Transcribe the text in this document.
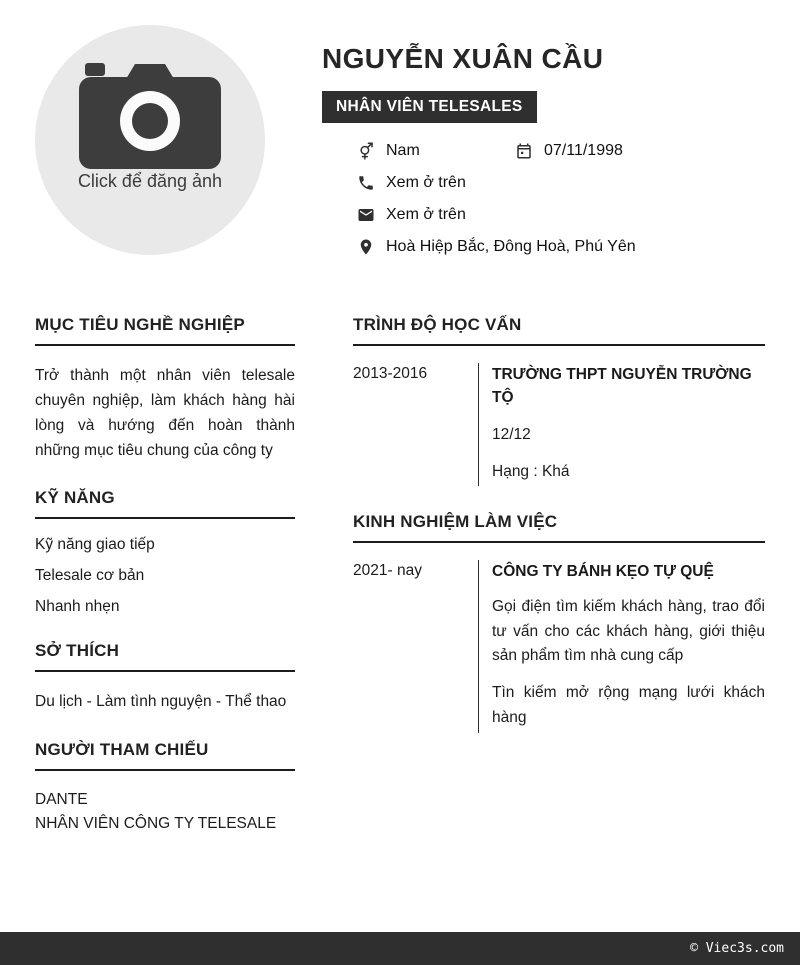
Click để đăng ảnh
NGUYỄN XUÂN CẦU
NHÂN VIÊN TELESALES
Nam	07/11/1998
Xem ở trên
Xem ở trên
Hoà Hiệp Bắc, Đông Hoà, Phú Yên
MỤC TIÊU NGHỀ NGHIỆP

Trở thành một nhân viên telesale chuyên nghiệp, làm khách hàng hài lòng và hướng đến hoàn thành những mục tiêu chung của công ty

KỸ NĂNG
Kỹ năng giao tiếp
Telesale cơ bản
Nhanh nhẹn
SỞ THÍCH

Du lịch - Làm tình nguyện - Thể thao

NGƯỜI THAM CHIẾU
DANTE
NHÂN VIÊN CÔNG TY TELESALE
TRÌNH ĐỘ HỌC VẤN
2013-2016	TRƯỜNG THPT NGUYỄN TRƯỜNG TỘ
12/12
Hạng : Khá
KINH NGHIỆM LÀM VIỆC
2021- nay	CÔNG TY BÁNH KẸO TỰ QUỆ

Gọi điện tìm kiếm khách hàng, trao đổi tư vấn cho các khách hàng, giới thiệu sản phẩm tìm nhà cung cấp

Tìn kiếm mở rộng mạng lưới khách hàng

© Viec3s.com
